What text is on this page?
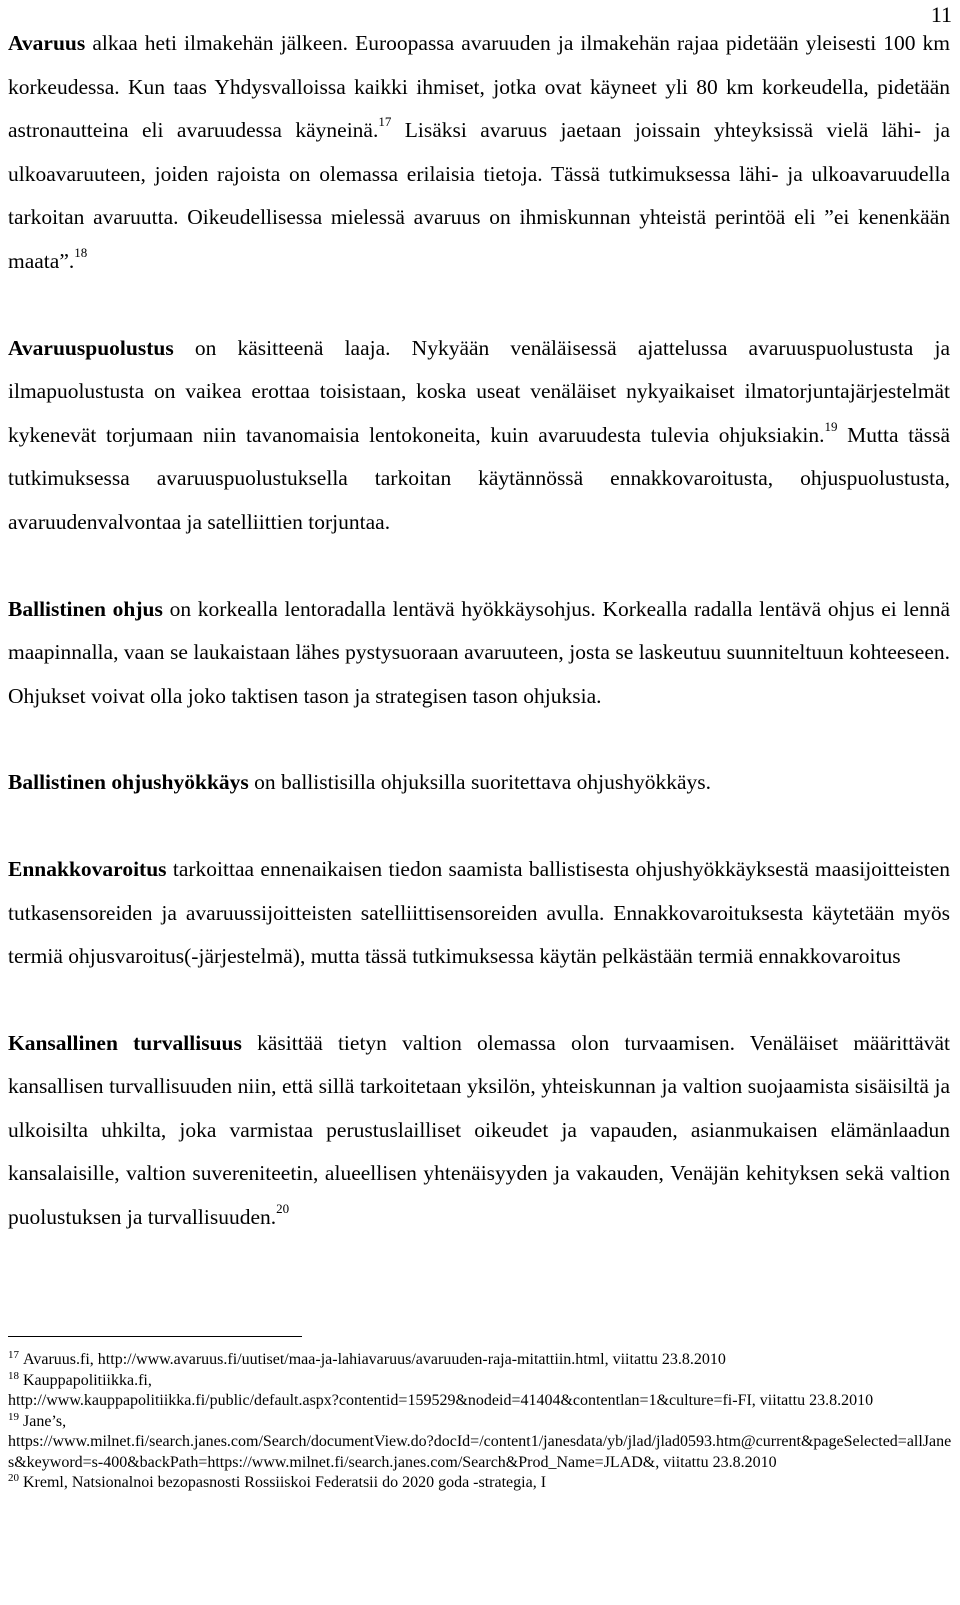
11

Avaruus alkaa heti ilmakehän jälkeen. Euroopassa avaruuden ja ilmakehän rajaa pidetään yleisesti 100 km korkeudessa. Kun taas Yhdysvalloissa kaikki ihmiset, jotka ovat käyneet yli 80 km korkeudella, pidetään astronautteina eli avaruudessa käyneinä.$^{17}$ Lisäksi avaruus jaetaan joissain yhteyksissä vielä lähi- ja ulkoavaruuteen, joiden rajoista on olemassa erilaisia tietoja. Tässä tutkimuksessa lähi- ja ulkoavaruudella tarkoitan avaruutta. Oikeudellisessa mielessä avaruus on ihmiskunnan yhteistä perintöä eli ”ei kenenkään maata”.$^{18}$

Avaruuspuolustus on käsitteenä laaja. Nykyään venäläisessä ajattelussa avaruuspuolustusta ja ilmapuolustusta on vaikea erottaa toisistaan, koska useat venäläiset nykyaikaiset ilmatorjuntajärjestelmät kykenevät torjumaan niin tavanomaisia lentokoneita, kuin avaruudesta tulevia ohjuksiakin.$^{19}$ Mutta tässä tutkimuksessa avaruuspuolustuksella tarkoitan käytännössä ennakkovaroitusta, ohjuspuolustusta, avaruudenvalvontaa ja satelliittien torjuntaa.

Ballistinen ohjus on korkealla lentoradalla lentävä hyökkäysohjus. Korkealla radalla lentävä ohjus ei lennä maapinnalla, vaan se laukaistaan lähes pystysuoraan avaruuteen, josta se laskeutuu suunniteltuun kohteeseen. Ohjukset voivat olla joko taktisen tason ja strategisen tason ohjuksia.

Ballistinen ohjushyökkäys on ballistisilla ohjuksilla suoritettava ohjushyökkäys.

Ennakkovaroitus tarkoittaa ennenaikaisen tiedon saamista ballistisesta ohjushyökkäyksestä maasijoitteisten tutkasensoreiden ja avaruussijoitteisten satelliittisensoreiden avulla. Ennakkovaroituksesta käytetään myös termiä ohjusvaroitus(-järjestelmä), mutta tässä tutkimuksessa käytän pelkästään termiä ennakkovaroitus

Kansallinen turvallisuus käsittää tietyn valtion olemassa olon turvaamisen. Venäläiset määrittävät kansallisen turvallisuuden niin, että sillä tarkoitetaan yksilön, yhteiskunnan ja valtion suojaamista sisäisiltä ja ulkoisilta uhkilta, joka varmistaa perustuslailliset oikeudet ja vapauden, asianmukaisen elämänlaadun kansalaisille, valtion suvereniteetin, alueellisen yhtenäisyyden ja vakauden, Venäjän kehityksen sekä valtion puolustuksen ja turvallisuuden.$^{20}$

$^{17}$ Avaruus.fi, http://www.avaruus.fi/uutiset/maa-ja-lahiavaruus/avaruuden-raja-mitattiin.html, viitattu 23.8.2010

$^{18}$ Kauppapolitiikka.fi,

http://www.kauppapolitiikka.fi/public/default.aspx?contentid=159529&nodeid=41404&contentlan=1&culture=fi-FI, viitattu 23.8.2010

$^{19}$ Jane’s,

https://www.milnet.fi/search.janes.com/Search/documentView.do?docId=/content1/janesdata/yb/jlad/jlad0593.htm@current&pageSelected=allJanes&keyword=s-400&backPath=https://www.milnet.fi/search.janes.com/Search&Prod_Name=JLAD&, viitattu 23.8.2010

$^{20}$ Kreml, Natsionalnoi bezopasnosti Rossiiskoi Federatsii do 2020 goda -strategia, I
